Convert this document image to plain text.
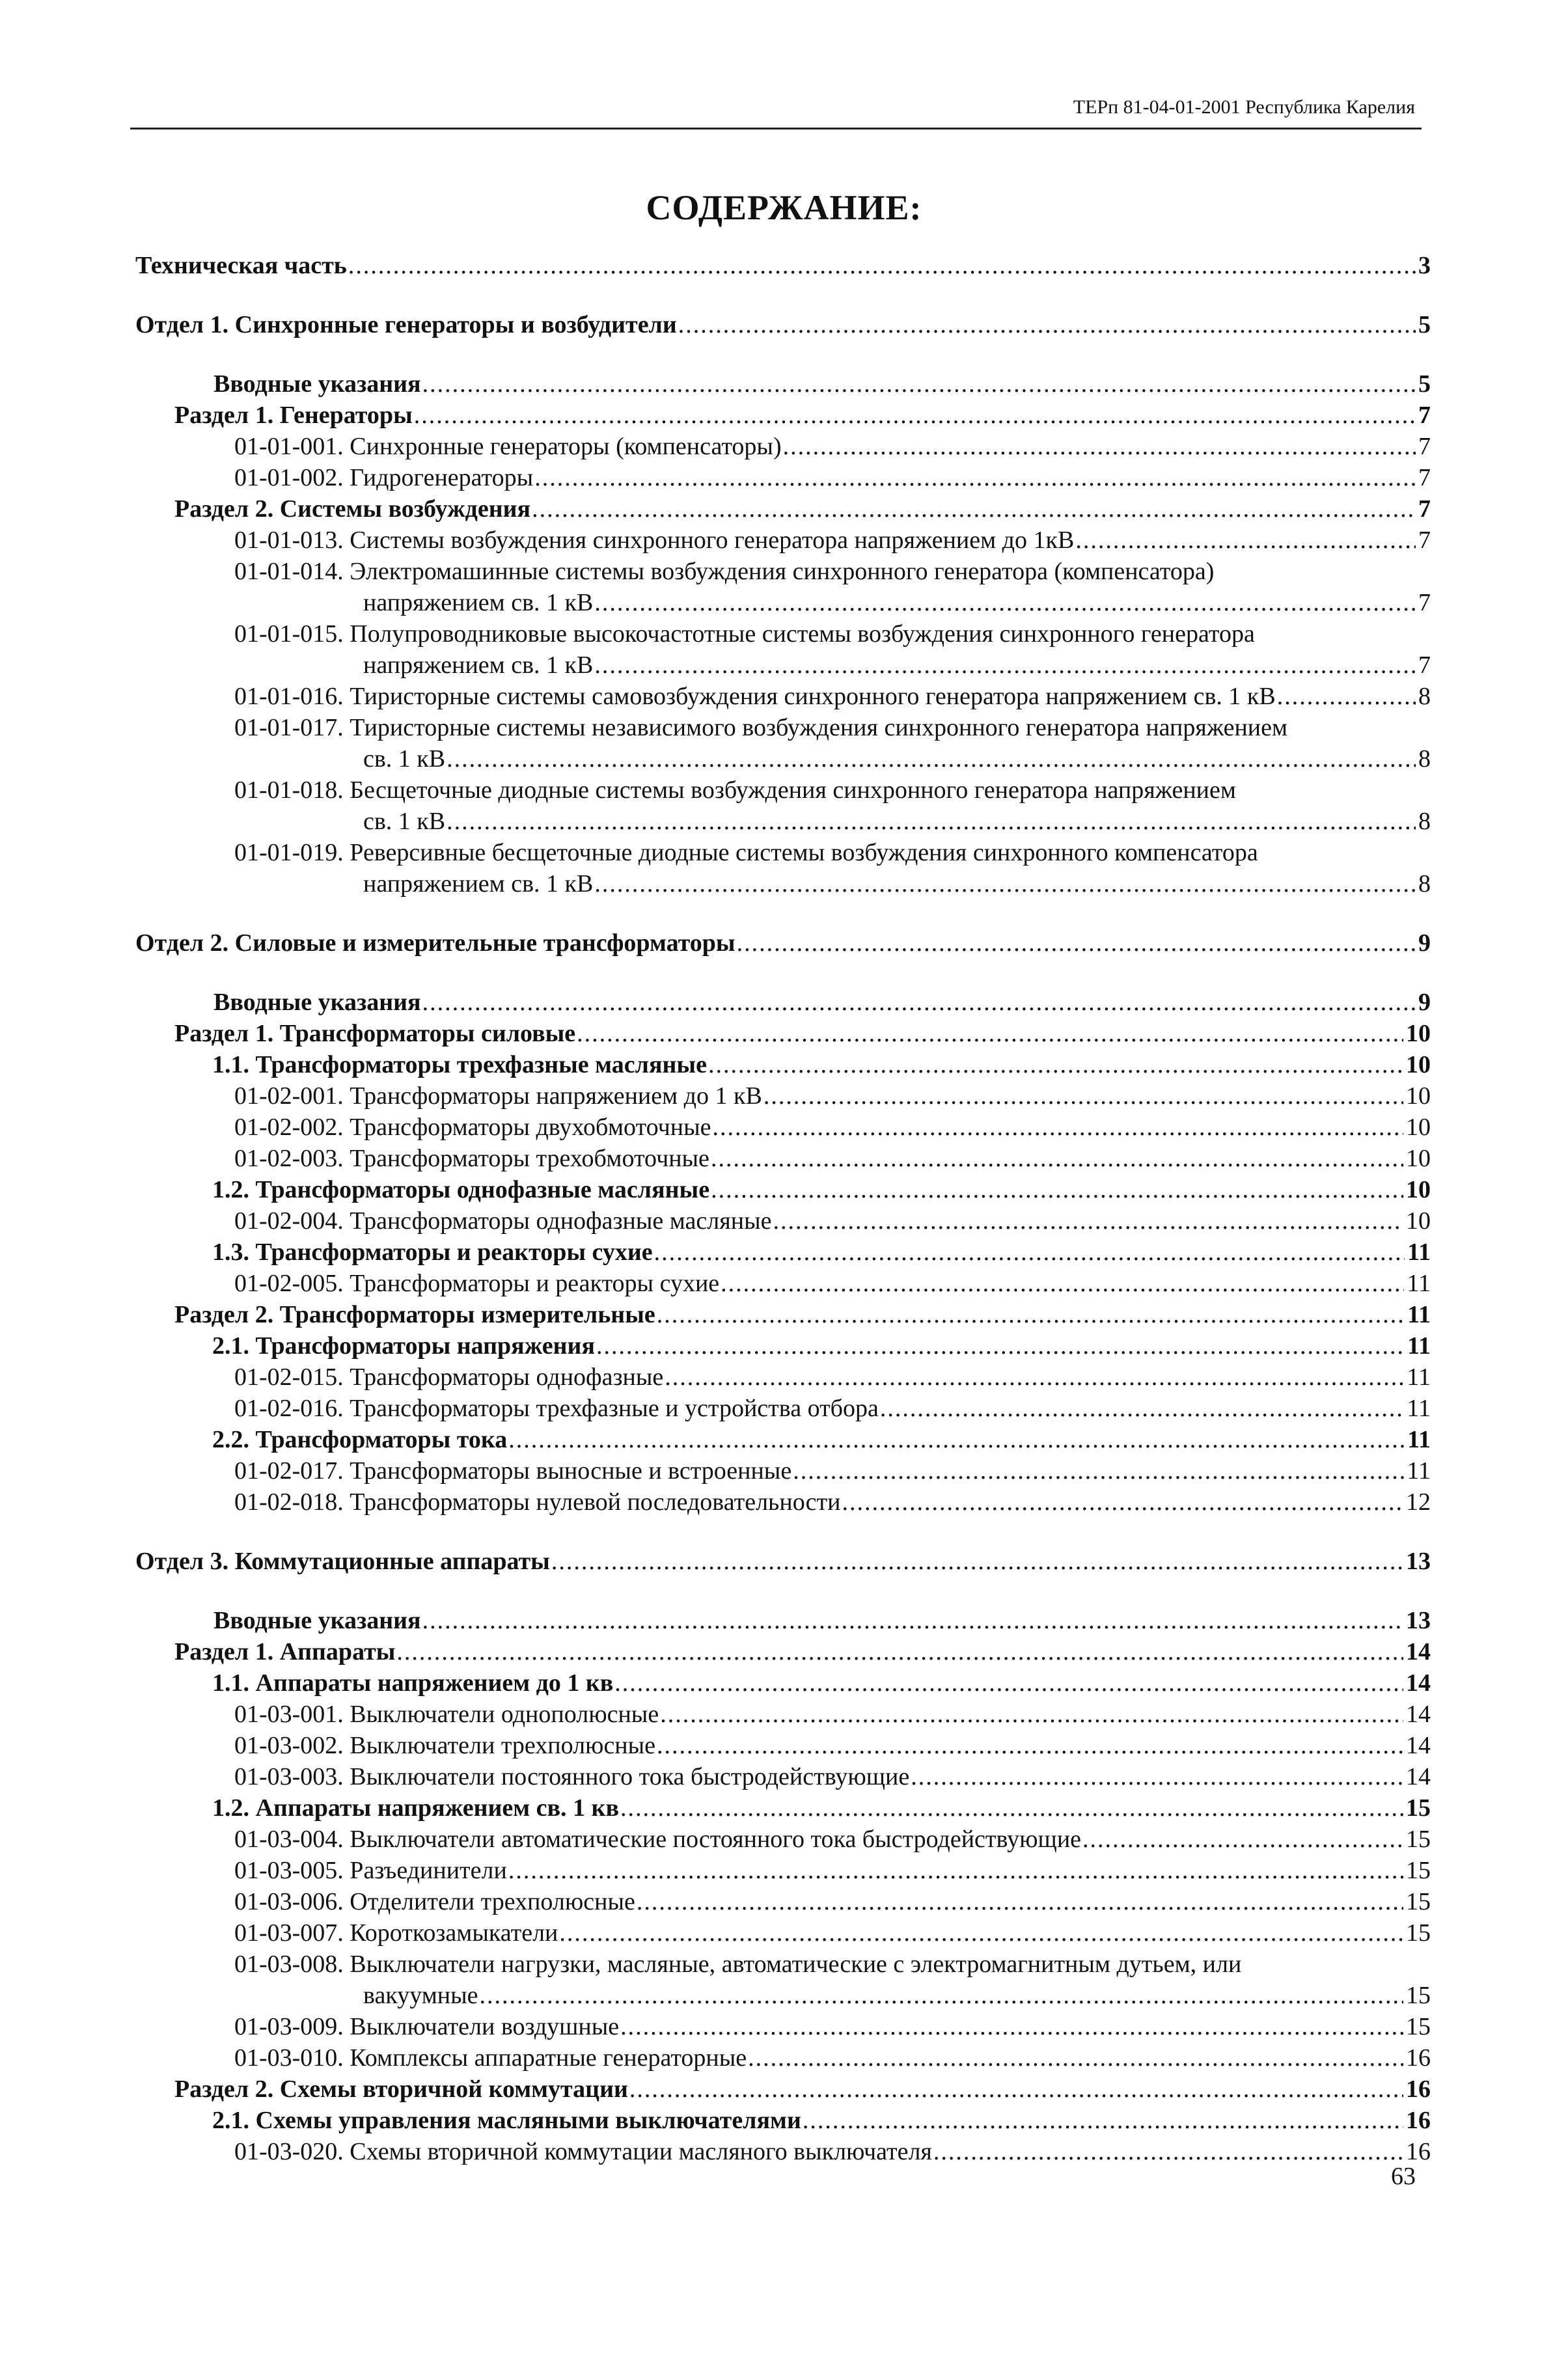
ТЕРп 81-04-01-2001 Республика Карелия
СОДЕРЖАНИЕ:
Техническая часть .....	3
Отдел 1. Синхронные генераторы и возбудители .....	5
Вводные указания .....	5
Раздел 1. Генераторы .....	7
01-01-001. Синхронные генераторы (компенсаторы) .....	7
01-01-002. Гидрогенераторы .....	7
Раздел 2. Системы возбуждения .....	7
01-01-013. Системы возбуждения синхронного генератора напряжением до 1кВ .....	7
01-01-014. Электромашинные системы возбуждения синхронного генератора (компенсатора)
напряжением св. 1 кВ .....	7
01-01-015. Полупроводниковые высокочастотные системы возбуждения синхронного генератора
напряжением св. 1 кВ .....	7
01-01-016. Тиристорные системы самовозбуждения синхронного генератора напряжением св. 1 кВ .....	8
01-01-017. Тиристорные системы независимого возбуждения синхронного генератора напряжением
св. 1 кВ .....	8
01-01-018. Бесщеточные диодные системы возбуждения синхронного генератора напряжением
св. 1 кВ .....	8
01-01-019. Реверсивные бесщеточные диодные системы возбуждения синхронного компенсатора
напряжением св. 1 кВ .....	8
Отдел 2. Силовые и измерительные трансформаторы .....	9
Вводные указания .....	9
Раздел 1. Трансформаторы силовые .....	10
1.1. Трансформаторы трехфазные масляные .....	10
01-02-001. Трансформаторы напряжением до 1 кВ .....	10
01-02-002. Трансформаторы двухобмоточные .....	10
01-02-003. Трансформаторы трехобмоточные .....	10
1.2. Трансформаторы однофазные масляные .....	10
01-02-004. Трансформаторы однофазные масляные .....	10
1.3. Трансформаторы и реакторы сухие .....	11
01-02-005. Трансформаторы и реакторы сухие .....	11
Раздел 2. Трансформаторы измерительные .....	11
2.1. Трансформаторы напряжения .....	11
01-02-015. Трансформаторы однофазные .....	11
01-02-016. Трансформаторы трехфазные и устройства отбора .....	11
2.2. Трансформаторы тока .....	11
01-02-017. Трансформаторы выносные и встроенные .....	11
01-02-018. Трансформаторы нулевой последовательности .....	12
Отдел 3. Коммутационные аппараты .....	13
Вводные указания .....	13
Раздел 1. Аппараты .....	14
1.1. Аппараты напряжением до 1 кв .....	14
01-03-001. Выключатели однополюсные .....	14
01-03-002. Выключатели трехполюсные .....	14
01-03-003. Выключатели постоянного тока быстродействующие .....	14
1.2. Аппараты напряжением св. 1 кв .....	15
01-03-004. Выключатели автоматические постоянного тока быстродействующие .....	15
01-03-005. Разъединители .....	15
01-03-006. Отделители трехполюсные .....	15
01-03-007. Короткозамыкатели .....	15
01-03-008. Выключатели нагрузки, масляные, автоматические с электромагнитным дутьем, или
вакуумные .....	15
01-03-009. Выключатели воздушные .....	15
01-03-010. Комплексы аппаратные генераторные .....	16
Раздел 2. Схемы вторичной коммутации .....	16
2.1. Схемы управления масляными выключателями .....	16
01-03-020. Схемы вторичной коммутации масляного выключателя .....	16
63
